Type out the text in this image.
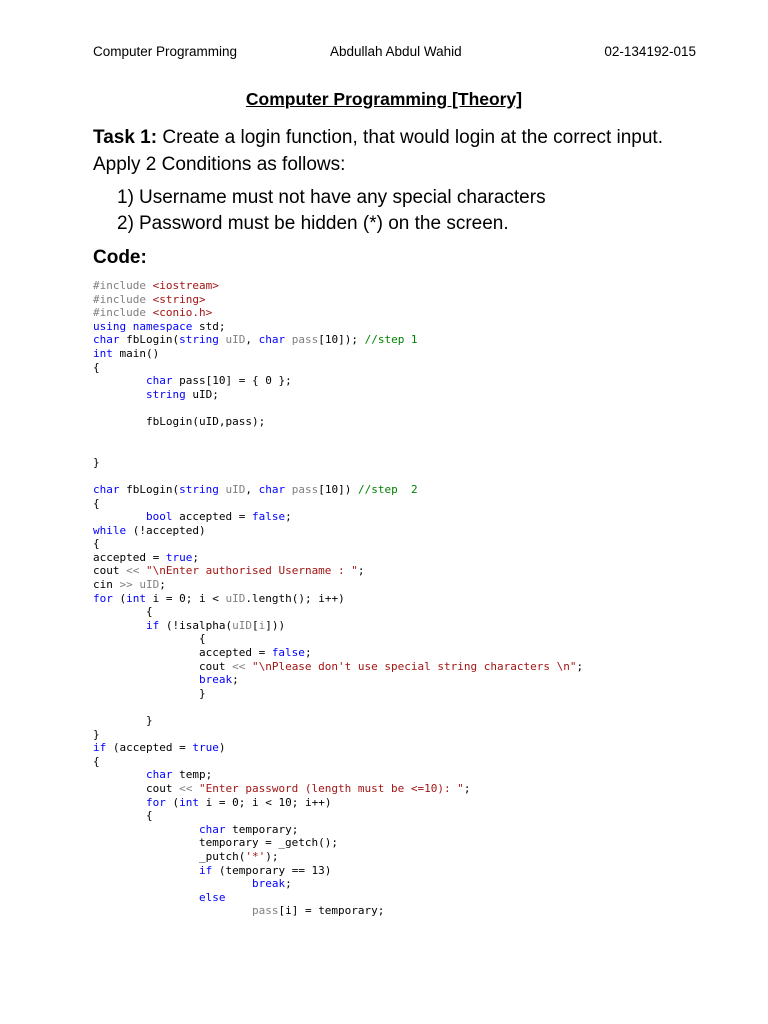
Computer Programming	Abdullah Abdul Wahid	02-134192-015
Computer Programming [Theory]
Task 1: Create a login function, that would login at the correct input. Apply 2 Conditions as follows:
1) Username must not have any special characters
2) Password must be hidden (*) on the screen.
Code:
#include <iostream>
#include <string>
#include <conio.h>
using namespace std;
char fbLogin(string uID, char pass[10]); //step 1
int main()
{
char pass[10] = { 0 };
string uID;
fbLogin(uID,pass);
}
char fbLogin(string uID, char pass[10]) //step  2
{
bool accepted = false;
while (!accepted)
{
accepted = true;
cout << "\nEnter authorised Username : ";
cin >> uID;
for (int i = 0; i < uID.length(); i++)
{
if (!isalpha(uID[i]))
{
accepted = false;
cout << "\nPlease don't use special string characters \n";
break;
}
}
}
if (accepted = true)
{
char temp;
cout << "Enter password (length must be <=10): ";
for (int i = 0; i < 10; i++)
{
char temporary;
temporary = _getch();
_putch('*');
if (temporary == 13)
break;
else
pass[i] = temporary;
